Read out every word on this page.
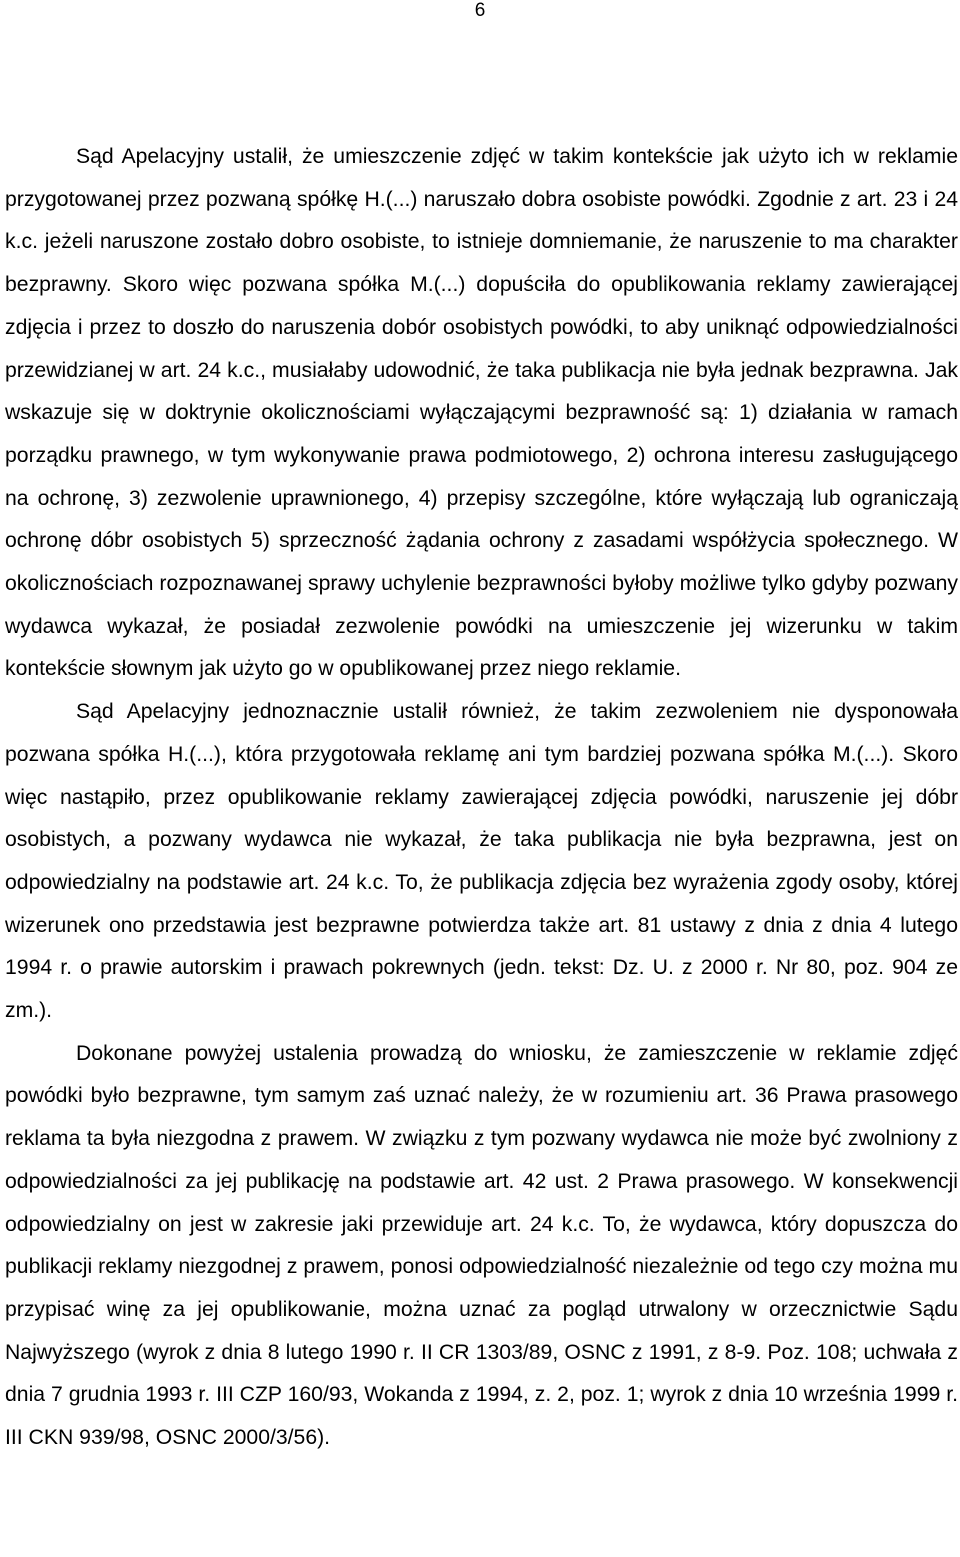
6

Sąd Apelacyjny ustalił, że umieszczenie zdjęć w takim kontekście jak użyto ich w reklamie przygotowanej przez pozwaną spółkę H.(...) naruszało dobra osobiste powódki. Zgodnie z art. 23 i 24 k.c. jeżeli naruszone zostało dobro osobiste, to istnieje domniemanie, że naruszenie to ma charakter bezprawny. Skoro więc pozwana spółka M.(...) dopuściła do opublikowania reklamy zawierającej zdjęcia i przez to doszło do naruszenia dobór osobistych powódki, to aby uniknąć odpowiedzialności przewidzianej w art. 24 k.c., musiałaby udowodnić, że taka publikacja nie była jednak bezprawna. Jak wskazuje się w doktrynie okolicznościami wyłączającymi bezprawność są: 1) działania w ramach porządku prawnego, w tym wykonywanie prawa podmiotowego, 2) ochrona interesu zasługującego na ochronę, 3) zezwolenie uprawnionego, 4) przepisy szczególne, które wyłączają lub ograniczają ochronę dóbr osobistych 5) sprzeczność żądania ochrony z zasadami współżycia społecznego. W okolicznościach rozpoznawanej sprawy uchylenie bezprawności byłoby możliwe tylko gdyby pozwany wydawca wykazał, że posiadał zezwolenie powódki na umieszczenie jej wizerunku w takim kontekście słownym jak użyto go w opublikowanej przez niego reklamie.

Sąd Apelacyjny jednoznacznie ustalił również, że takim zezwoleniem nie dysponowała pozwana spółka H.(...), która przygotowała reklamę ani tym bardziej pozwana spółka M.(...). Skoro więc nastąpiło, przez opublikowanie reklamy zawierającej zdjęcia powódki, naruszenie jej dóbr osobistych, a pozwany wydawca nie wykazał, że taka publikacja nie była bezprawna, jest on odpowiedzialny na podstawie art. 24 k.c. To, że publikacja zdjęcia bez wyrażenia zgody osoby, której wizerunek ono przedstawia jest bezprawne potwierdza także art. 81 ustawy z dnia z dnia 4 lutego 1994 r. o prawie autorskim i prawach pokrewnych (jedn. tekst: Dz. U. z 2000 r. Nr 80, poz. 904 ze zm.).

Dokonane powyżej ustalenia prowadzą do wniosku, że zamieszczenie w reklamie zdjęć powódki było bezprawne, tym samym zaś uznać należy, że w rozumieniu art. 36 Prawa prasowego reklama ta była niezgodna z prawem. W związku z tym pozwany wydawca nie może być zwolniony z odpowiedzialności za jej publikację na podstawie art. 42 ust. 2 Prawa prasowego. W konsekwencji odpowiedzialny on jest w zakresie jaki przewiduje art. 24 k.c. To, że wydawca, który dopuszcza do publikacji reklamy niezgodnej z prawem, ponosi odpowiedzialność niezależnie od tego czy można mu przypisać winę za jej opublikowanie, można uznać za pogląd utrwalony w orzecznictwie Sądu Najwyższego (wyrok z dnia 8 lutego 1990 r. II CR 1303/89, OSNC z 1991, z 8-9. Poz. 108; uchwała z dnia 7 grudnia 1993 r. III CZP 160/93, Wokanda z 1994, z. 2, poz. 1; wyrok z dnia 10 września 1999 r. III CKN 939/98, OSNC 2000/3/56).
